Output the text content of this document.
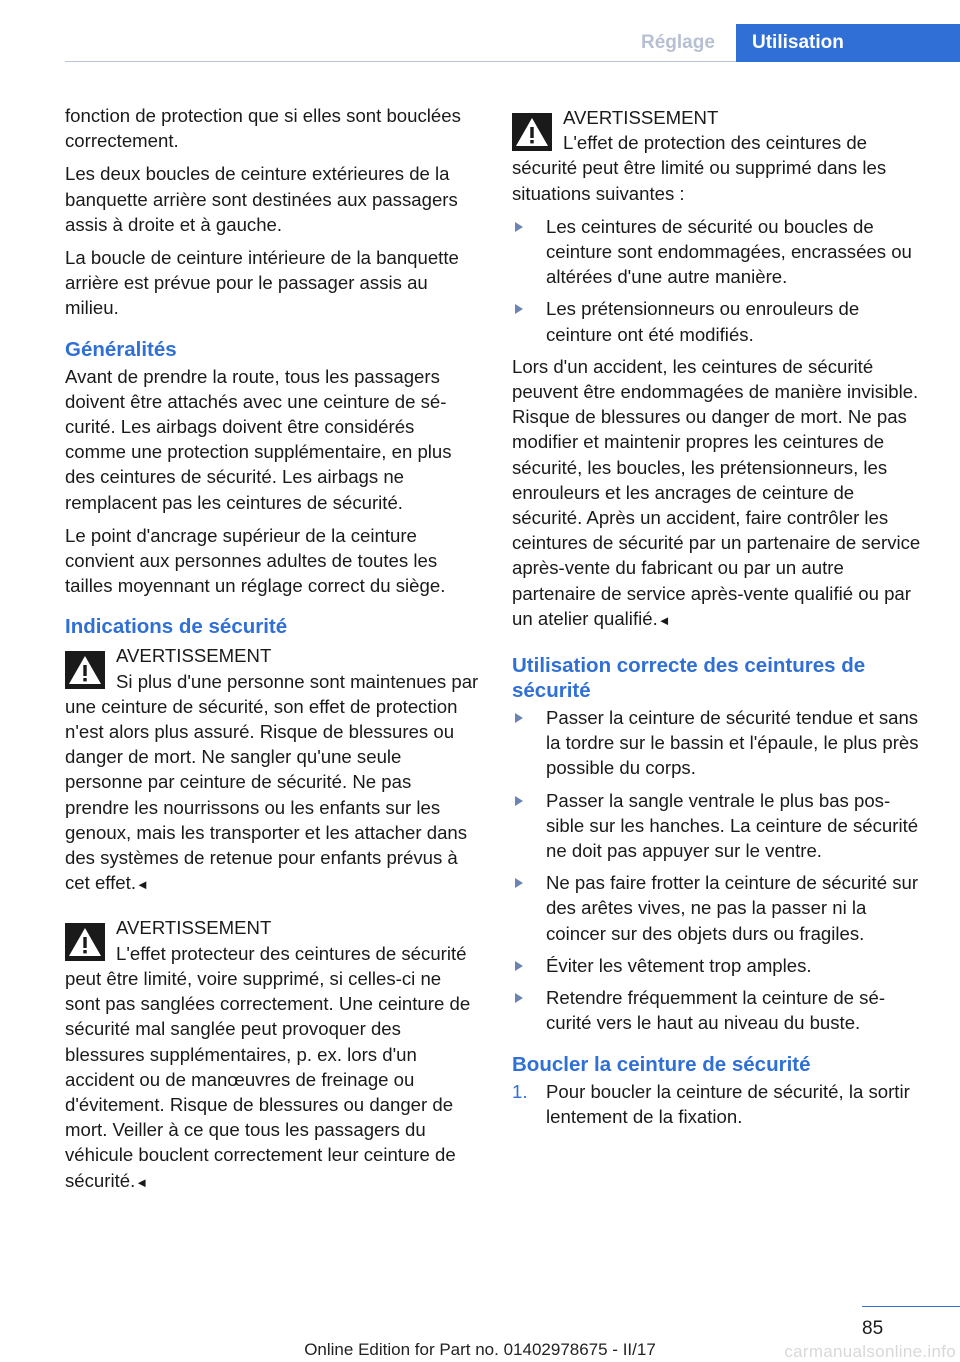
Réglage	Utilisation

fonction de protection que si elles sont bouclées correctement.

Les deux boucles de ceinture extérieures de la banquette arrière sont destinées aux passagers assis à droite et à gauche.

La boucle de ceinture intérieure de la banquette arrière est prévue pour le passager assis au milieu.

Généralités

Avant de prendre la route, tous les passagers doivent être attachés avec une ceinture de sécurité. Les airbags doivent être considérés comme une protection supplémentaire, en plus des ceintures de sécurité. Les airbags ne remplacent pas les ceintures de sécurité.

Le point d'ancrage supérieur de la ceinture convient aux personnes adultes de toutes les tailles moyennant un réglage correct du siège.

Indications de sécurité
AVERTISSEMENT
Si plus d'une personne sont maintenues par une ceinture de sécurité, son effet de protection n'est alors plus assuré. Risque de blessures ou danger de mort. Ne sangler qu'une seule personne par ceinture de sécurité. Ne pas prendre les nourrissons ou les enfants sur les genoux, mais les transporter et les attacher dans des systèmes de retenue pour enfants prévus à cet effet.◄
AVERTISSEMENT
L'effet protecteur des ceintures de sécurité peut être limité, voire supprimé, si celles-ci ne sont pas sanglées correctement. Une ceinture de sécurité mal sanglée peut provoquer des blessures supplémentaires, p. ex. lors d'un accident ou de manœuvres de freinage ou d'évitement. Risque de blessures ou danger de mort. Veiller à ce que tous les passagers du véhicule bouclent correctement leur ceinture de sécurité.◄
AVERTISSEMENT
L'effet de protection des ceintures de sécurité peut être limité ou supprimé dans les situations suivantes :
Les ceintures de sécurité ou boucles de ceinture sont endommagées, encrassées ou altérées d'une autre manière.
Les prétensionneurs ou enrouleurs de ceinture ont été modifiés.

Lors d'un accident, les ceintures de sécurité peuvent être endommagées de manière invisible. Risque de blessures ou danger de mort. Ne pas modifier et maintenir propres les ceintures de sécurité, les boucles, les prétensionneurs, les enrouleurs et les ancrages de ceinture de sécurité. Après un accident, faire contrôler les ceintures de sécurité par un partenaire de service après-vente du fabricant ou par un autre partenaire de service après-vente qualifié ou par un atelier qualifié.◄

Utilisation correcte des ceintures de sécurité
Passer la ceinture de sécurité tendue et sans la tordre sur le bassin et l'épaule, le plus près possible du corps.
Passer la sangle ventrale le plus bas possible sur les hanches. La ceinture de sécurité ne doit pas appuyer sur le ventre.
Ne pas faire frotter la ceinture de sécurité sur des arêtes vives, ne pas la passer ni la coincer sur des objets durs ou fragiles.
Éviter les vêtement trop amples.
Retendre fréquemment la ceinture de sécurité vers le haut au niveau du buste.
Boucler la ceinture de sécurité
1. Pour boucler la ceinture de sécurité, la sortir lentement de la fixation.
85
Online Edition for Part no. 01402978675 - II/17	carmanualsonline.info
